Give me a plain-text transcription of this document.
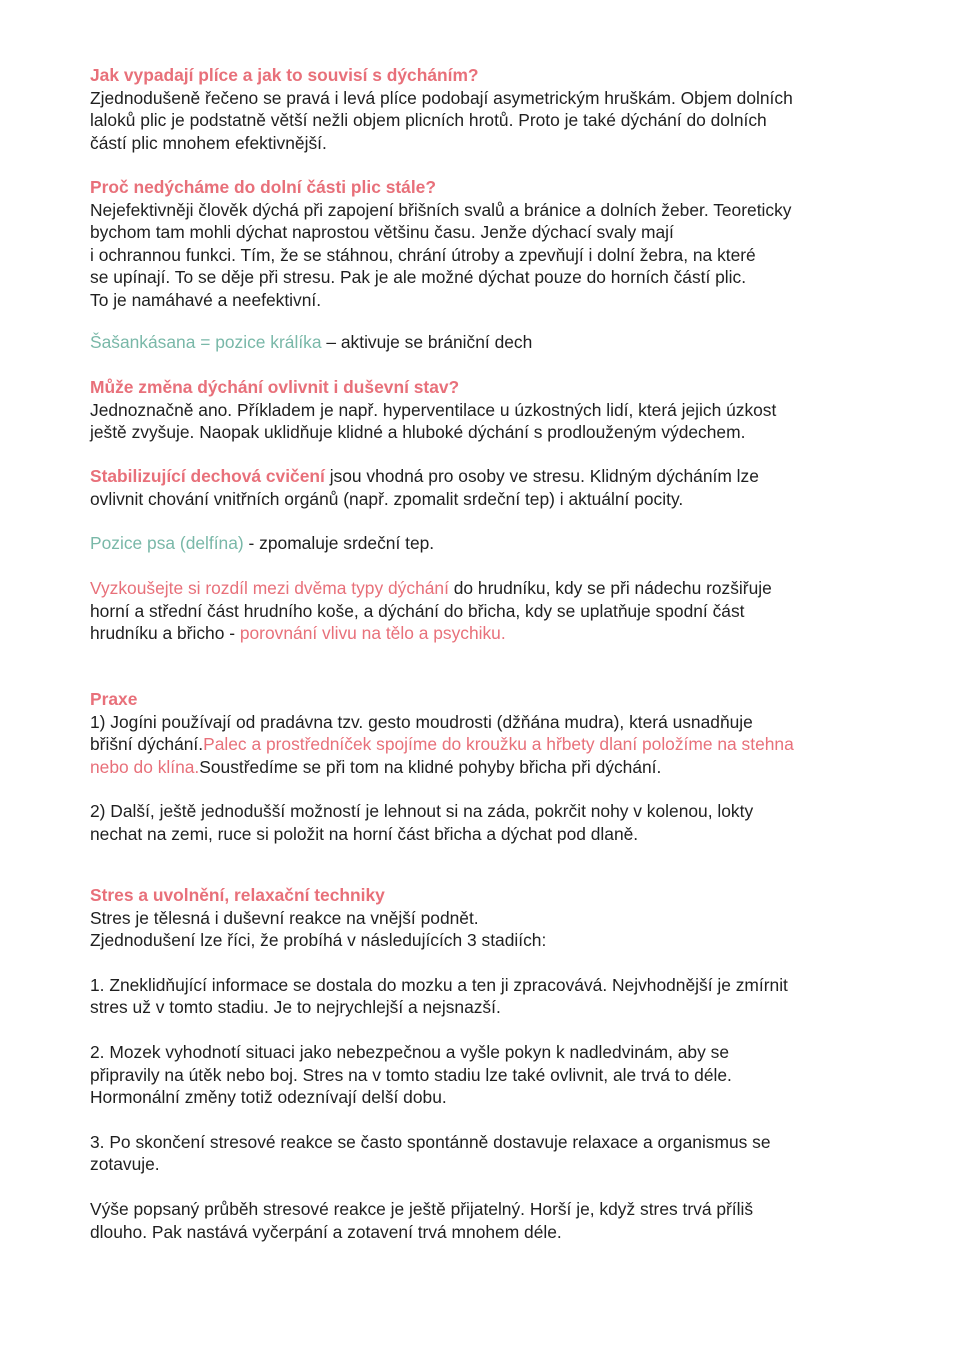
Jak vypadají plíce a jak to souvisí s dýcháním?

Zjednodušeně řečeno se pravá i levá plíce podobají asymetrickým hruškám. Objem dolních

laloků plic je podstatně větší nežli objem plicních hrotů. Proto je také dýchání do dolních

částí plic mnohem efektivnější.

Proč nedýcháme do dolní části plic stále?

Nejefektivněji člověk dýchá při zapojení břišních svalů a bránice a dolních žeber. Teoreticky

bychom tam mohli dýchat naprostou většinu času. Jenže dýchací svaly mají

i ochrannou funkci. Tím, že se stáhnou, chrání útroby a zpevňují i dolní žebra, na které

se upínají. To se děje při stresu. Pak je ale možné dýchat pouze do horních částí plic.

To je namáhavé a neefektivní.

Šašankásana = pozice králíka – aktivuje se brániční dech

Může změna dýchání ovlivnit i duševní stav?

Jednoznačně ano. Příkladem je např. hyperventilace u úzkostných lidí, která jejich úzkost

ještě zvyšuje. Naopak uklidňuje klidné a hluboké dýchání s prodlouženým výdechem.

Stabilizující dechová cvičení jsou vhodná pro osoby ve stresu. Klidným dýcháním lze

ovlivnit chování vnitřních orgánů (např. zpomalit srdeční tep) i aktuální pocity.

Pozice psa (delfína) - zpomaluje srdeční tep.

Vyzkoušejte si rozdíl mezi dvěma typy dýchání do hrudníku, kdy se při nádechu rozšiřuje

horní a střední část hrudního koše, a dýchání do břicha, kdy se uplatňuje spodní část

hrudníku a břicho - porovnání vlivu na tělo a psychiku.

Praxe

1) Jogíni používají od pradávna tzv. gesto moudrosti (džňána mudra), která usnadňuje

břišní dýchání.Palec a prostředníček spojíme do kroužku a hřbety dlaní položíme na stehna

nebo do klína.Soustředíme se při tom na klidné pohyby břicha při dýchání.

2) Další, ještě jednodušší možností je lehnout si na záda, pokrčit nohy v kolenou, lokty

nechat na zemi, ruce si položit na horní část břicha a dýchat pod dlaně.

Stres a uvolnění, relaxační techniky

Stres je tělesná i duševní reakce na vnější podnět.

Zjednodušení lze říci, že probíhá v následujících 3 stadiích:

1. Zneklidňující informace se dostala do mozku a ten ji zpracovává. Nejvhodnější je zmírnit

stres už v tomto stadiu. Je to nejrychlejší a nejsnazší.

2. Mozek vyhodnotí situaci jako nebezpečnou a vyšle pokyn k nadledvinám, aby se

připravily na útěk nebo boj. Stres na v tomto stadiu lze také ovlivnit, ale trvá to déle.

Hormonální změny totiž odeznívají delší dobu.

3. Po skončení stresové reakce se často spontánně dostavuje relaxace a organismus se

zotavuje.

Výše popsaný průběh stresové reakce je ještě přijatelný. Horší je, když stres trvá příliš

dlouho. Pak nastává vyčerpání a zotavení trvá mnohem déle.
